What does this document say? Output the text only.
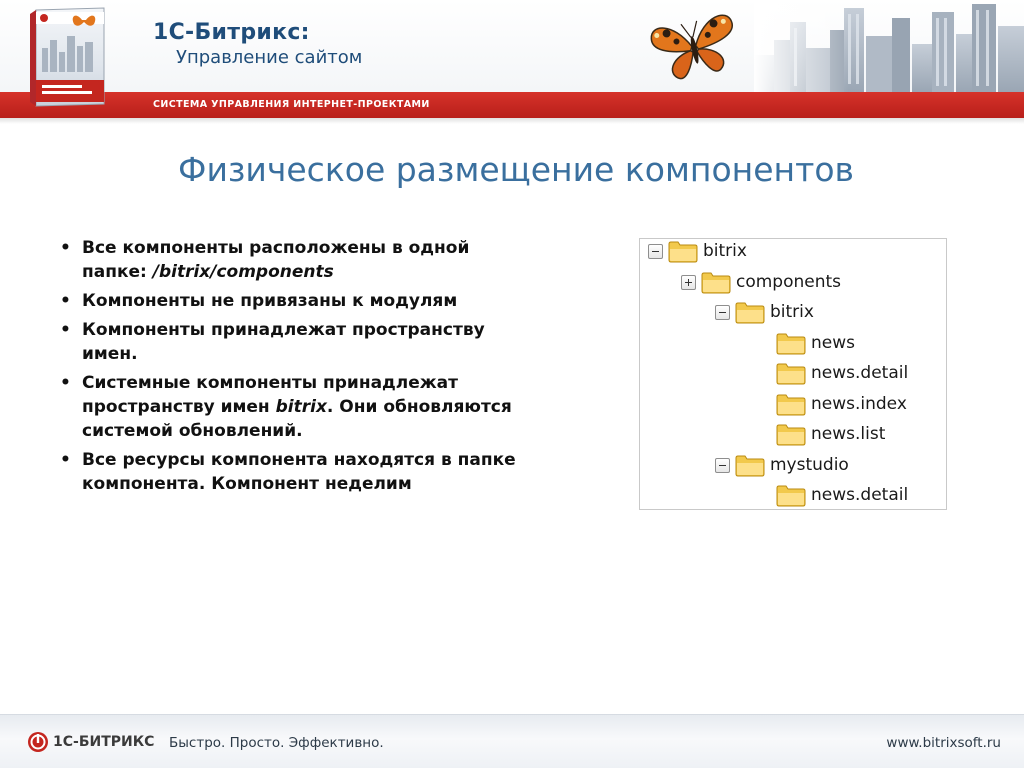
1С-Битрикс:
Управление сайтом
СИСТЕМА УПРАВЛЕНИЯ ИНТЕРНЕТ-ПРОЕКТАМИ
Физическое размещение компонентов
• Все компоненты расположены в одной папке: /bitrix/components
• Компоненты не привязаны к модулям
• Компоненты принадлежат пространству имен.
• Системные компоненты принадлежат пространству имен bitrix. Они обновляются системой обновлений.
• Все ресурсы компонента находятся в папке компонента. Компонент неделим
bitrix
components
bitrix
news
news.detail
news.index
news.list
mystudio
news.detail
1С-БИТРИКС Быстро. Просто. Эффективно.	www.bitrixsoft.ru
